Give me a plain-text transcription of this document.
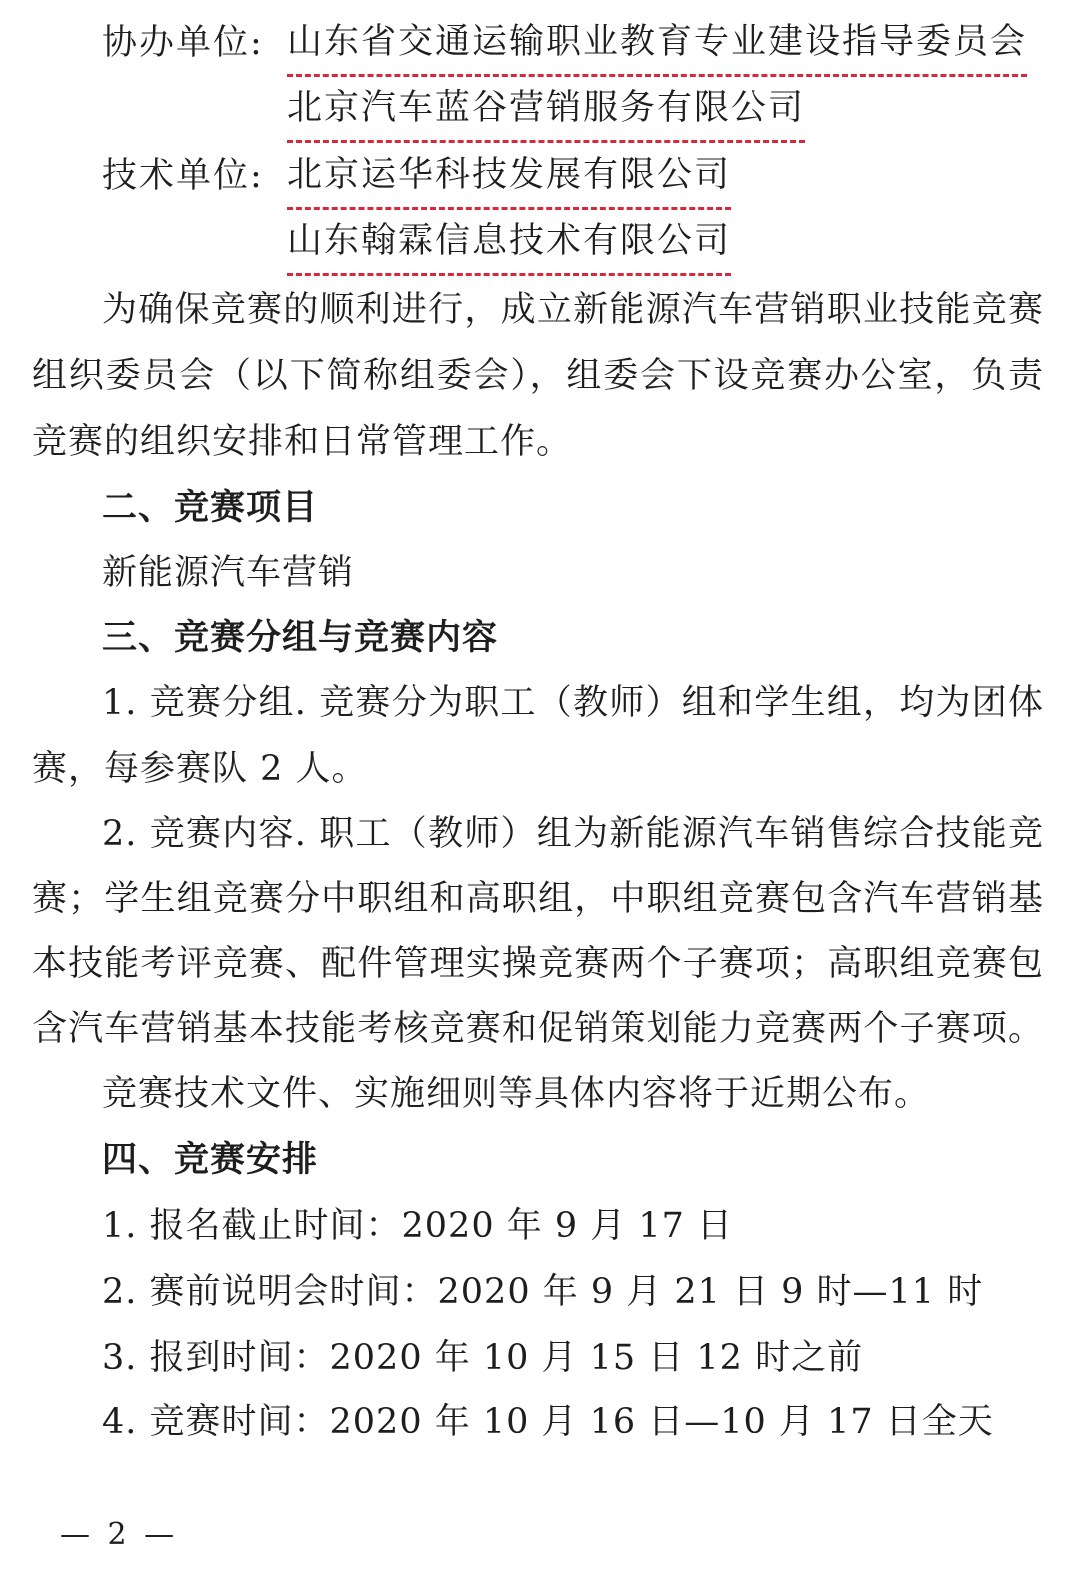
协办单位: 山东省交通运输职业教育专业建设指导委员会
北京汽车蓝谷营销服务有限公司
技术单位: 北京运华科技发展有限公司
山东翰霖信息技术有限公司
为确保竞赛的顺利进行，成立新能源汽车营销职业技能竞赛
组织委员会（以下简称组委会），组委会下设竞赛办公室，负责
竞赛的组织安排和日常管理工作。
二、竞赛项目
新能源汽车营销
三、竞赛分组与竞赛内容
1. 竞赛分组. 竞赛分为职工（教师）组和学生组，均为团体
赛，每参赛队 2 人。
2. 竞赛内容. 职工（教师）组为新能源汽车销售综合技能竞
赛；学生组竞赛分中职组和高职组，中职组竞赛包含汽车营销基
本技能考评竞赛、配件管理实操竞赛两个子赛项；高职组竞赛包
含汽车营销基本技能考核竞赛和促销策划能力竞赛两个子赛项。
竞赛技术文件、实施细则等具体内容将于近期公布。
四、竞赛安排
1. 报名截止时间：2020 年 9 月 17 日
2. 赛前说明会时间：2020 年 9 月 21 日 9 时—11 时
3. 报到时间：2020 年 10 月 15 日 12 时之前
4. 竞赛时间：2020 年 10 月 16 日—10 月 17 日全天
— 2 —
